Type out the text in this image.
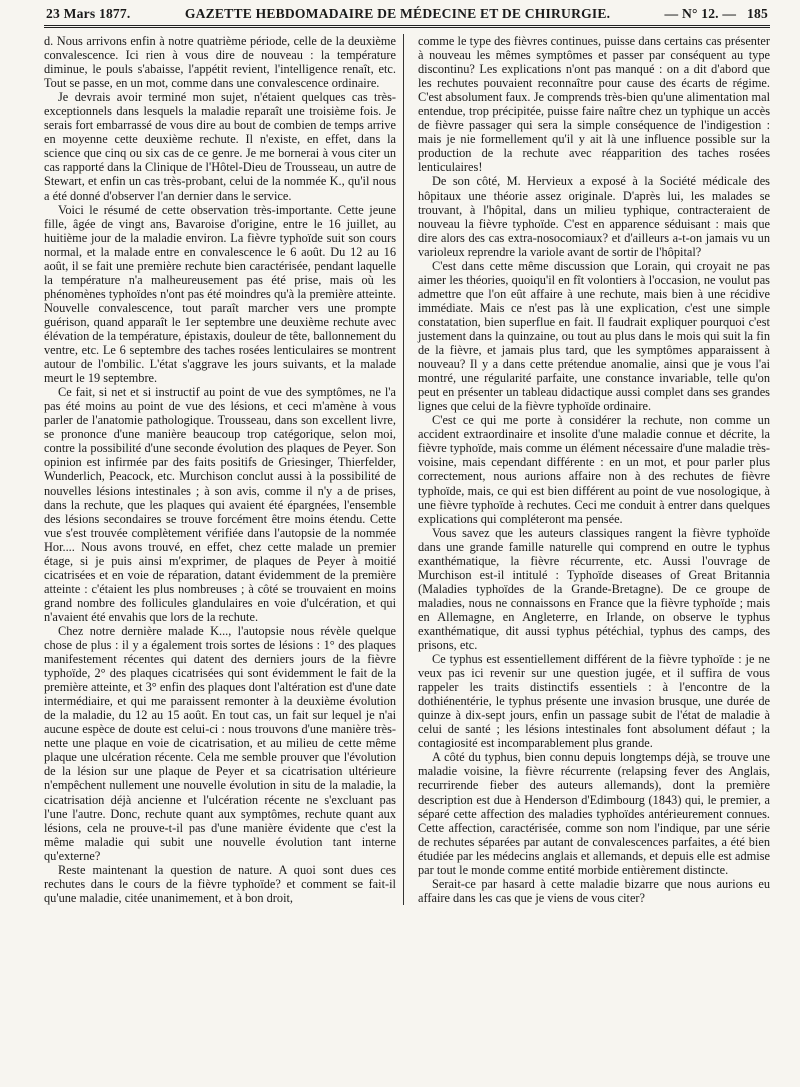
23 Mars 1877.	GAZETTE HEBDOMADAIRE DE MÉDECINE ET DE CHIRURGIE.	— N° 12. — 185

d. Nous arrivons enfin à notre quatrième période, celle de la deuxième convalescence. Ici rien à vous dire de nouveau : la température diminue, le pouls s'abaisse, l'appétit revient, l'intelligence renaît, etc. Tout se passe, en un mot, comme dans une convalescence ordinaire.

Je devrais avoir terminé mon sujet, n'étaient quelques cas très-exceptionnels dans lesquels la maladie reparaît une troisième fois. Je serais fort embarrassé de vous dire au bout de combien de temps arrive en moyenne cette deuxième rechute. Il n'existe, en effet, dans la science que cinq ou six cas de ce genre. Je me bornerai à vous citer un cas rapporté dans la Clinique de l'Hôtel-Dieu de Trousseau, un autre de Stewart, et enfin un cas très-probant, celui de la nommée K., qu'il nous a été donné d'observer l'an dernier dans le service.

Voici le résumé de cette observation très-importante. Cette jeune fille, âgée de vingt ans, Bavaroise d'origine, entre le 16 juillet, au huitième jour de la maladie environ. La fièvre typhoïde suit son cours normal, et la malade entre en convalescence le 6 août. Du 12 au 16 août, il se fait une première rechute bien caractérisée, pendant laquelle la température n'a malheureusement pas été prise, mais où les phénomènes typhoïdes n'ont pas été moindres qu'à la première atteinte. Nouvelle convalescence, tout paraît marcher vers une prompte guérison, quand apparaît le 1er septembre une deuxième rechute avec élévation de la température, épistaxis, douleur de tête, ballonnement du ventre, etc. Le 6 septembre des taches rosées lenticulaires se montrent autour de l'ombilic. L'état s'aggrave les jours suivants, et la malade meurt le 19 septembre.

Ce fait, si net et si instructif au point de vue des symptômes, ne l'a pas été moins au point de vue des lésions, et ceci m'amène à vous parler de l'anatomie pathologique. Trousseau, dans son excellent livre, se prononce d'une manière beaucoup trop catégorique, selon moi, contre la possibilité d'une seconde évolution des plaques de Peyer. Son opinion est infirmée par des faits positifs de Griesinger, Thierfelder, Wunderlich, Peacock, etc. Murchison conclut aussi à la possibilité de nouvelles lésions intestinales ; à son avis, comme il n'y a de prises, dans la rechute, que les plaques qui avaient été épargnées, l'ensemble des lésions secondaires se trouve forcément être moins étendu. Cette vue s'est trouvée complètement vérifiée dans l'autopsie de la nommée Hor.... Nous avons trouvé, en effet, chez cette malade un premier étage, si je puis ainsi m'exprimer, de plaques de Peyer à moitié cicatrisées et en voie de réparation, datant évidemment de la première atteinte : c'étaient les plus nombreuses ; à côté se trouvaient en moins grand nombre des follicules glandulaires en voie d'ulcération, et qui n'avaient été envahis que lors de la rechute.

Chez notre dernière malade K..., l'autopsie nous révèle quelque chose de plus : il y a également trois sortes de lésions : 1° des plaques manifestement récentes qui datent des derniers jours de la fièvre typhoïde, 2° des plaques cicatrisées qui sont évidemment le fait de la première atteinte, et 3° enfin des plaques dont l'altération est d'une date intermédiaire, et qui me paraissent remonter à la deuxième évolution de la maladie, du 12 au 15 août. En tout cas, un fait sur lequel je n'ai aucune espèce de doute est celui-ci : nous trouvons d'une manière très-nette une plaque en voie de cicatrisation, et au milieu de cette même plaque une ulcération récente. Cela me semble prouver que l'évolution de la lésion sur une plaque de Peyer et sa cicatrisation ultérieure n'empêchent nullement une nouvelle évolution in situ de la maladie, la cicatrisation déjà ancienne et l'ulcération récente ne s'excluant pas l'une l'autre. Donc, rechute quant aux symptômes, rechute quant aux lésions, cela ne prouve-t-il pas d'une manière évidente que c'est la même maladie qui subit une nouvelle évolution tant interne qu'externe?

Reste maintenant la question de nature. A quoi sont dues ces rechutes dans le cours de la fièvre typhoïde? et comment se fait-il qu'une maladie, citée unanimement, et à bon droit,

comme le type des fièvres continues, puisse dans certains cas présenter à nouveau les mêmes symptômes et passer par conséquent au type discontinu? Les explications n'ont pas manqué : on a dit d'abord que les rechutes pouvaient reconnaître pour cause des écarts de régime. C'est absolument faux. Je comprends très-bien qu'une alimentation mal entendue, trop précipitée, puisse faire naître chez un typhique un accès de fièvre passager qui sera la simple conséquence de l'indigestion : mais je nie formellement qu'il y ait là une influence possible sur la production de la rechute avec réapparition des taches rosées lenticulaires!

De son côté, M. Hervieux a exposé à la Société médicale des hôpitaux une théorie assez originale. D'après lui, les malades se trouvant, à l'hôpital, dans un milieu typhique, contracteraient de nouveau la fièvre typhoïde. C'est en apparence séduisant : mais que dire alors des cas extra-nosocomiaux? et d'ailleurs a-t-on jamais vu un varioleux reprendre la variole avant de sortir de l'hôpital?

C'est dans cette même discussion que Lorain, qui croyait ne pas aimer les théories, quoiqu'il en fît volontiers à l'occasion, ne voulut pas admettre que l'on eût affaire à une rechute, mais bien à une récidive immédiate. Mais ce n'est pas là une explication, c'est une simple constatation, bien superflue en fait. Il faudrait expliquer pourquoi c'est justement dans la quinzaine, ou tout au plus dans le mois qui suit la fin de la fièvre, et jamais plus tard, que les symptômes apparaissent à nouveau? Il y a dans cette prétendue anomalie, ainsi que je vous l'ai montré, une régularité parfaite, une constance invariable, telle qu'on peut en présenter un tableau didactique aussi complet dans ses grandes lignes que celui de la fièvre typhoïde ordinaire.

C'est ce qui me porte à considérer la rechute, non comme un accident extraordinaire et insolite d'une maladie connue et décrite, la fièvre typhoïde, mais comme un élément nécessaire d'une maladie très-voisine, mais cependant différente : en un mot, et pour parler plus correctement, nous aurions affaire non à des rechutes de fièvre typhoïde, mais, ce qui est bien différent au point de vue nosologique, à une fièvre typhoïde à rechutes. Ceci me conduit à entrer dans quelques explications qui compléteront ma pensée.

Vous savez que les auteurs classiques rangent la fièvre typhoïde dans une grande famille naturelle qui comprend en outre le typhus exanthématique, la fièvre récurrente, etc. Aussi l'ouvrage de Murchison est-il intitulé : Typhoïde diseases of Great Britannia (Maladies typhoïdes de la Grande-Bretagne). De ce groupe de maladies, nous ne connaissons en France que la fièvre typhoïde ; mais en Allemagne, en Angleterre, en Irlande, on observe le typhus exanthématique, dit aussi typhus pétéchial, typhus des camps, des prisons, etc.

Ce typhus est essentiellement différent de la fièvre typhoïde : je ne veux pas ici revenir sur une question jugée, et il suffira de vous rappeler les traits distinctifs essentiels : à l'encontre de la dothiénentérie, le typhus présente une invasion brusque, une durée de quinze à dix-sept jours, enfin un passage subit de l'état de maladie à celui de santé ; les lésions intestinales font absolument défaut ; la contagiosité est incomparablement plus grande.

A côté du typhus, bien connu depuis longtemps déjà, se trouve une maladie voisine, la fièvre récurrente (relapsing fever des Anglais, recurrirende fieber des auteurs allemands), dont la première description est due à Henderson d'Edimbourg (1843) qui, le premier, a séparé cette affection des maladies typhoïdes antérieurement connues. Cette affection, caractérisée, comme son nom l'indique, par une série de rechutes séparées par autant de convalescences parfaites, a été bien étudiée par les médecins anglais et allemands, et depuis elle est admise par tout le monde comme entité morbide entièrement distincte.

Serait-ce par hasard à cette maladie bizarre que nous aurions eu affaire dans les cas que je viens de vous citer?
